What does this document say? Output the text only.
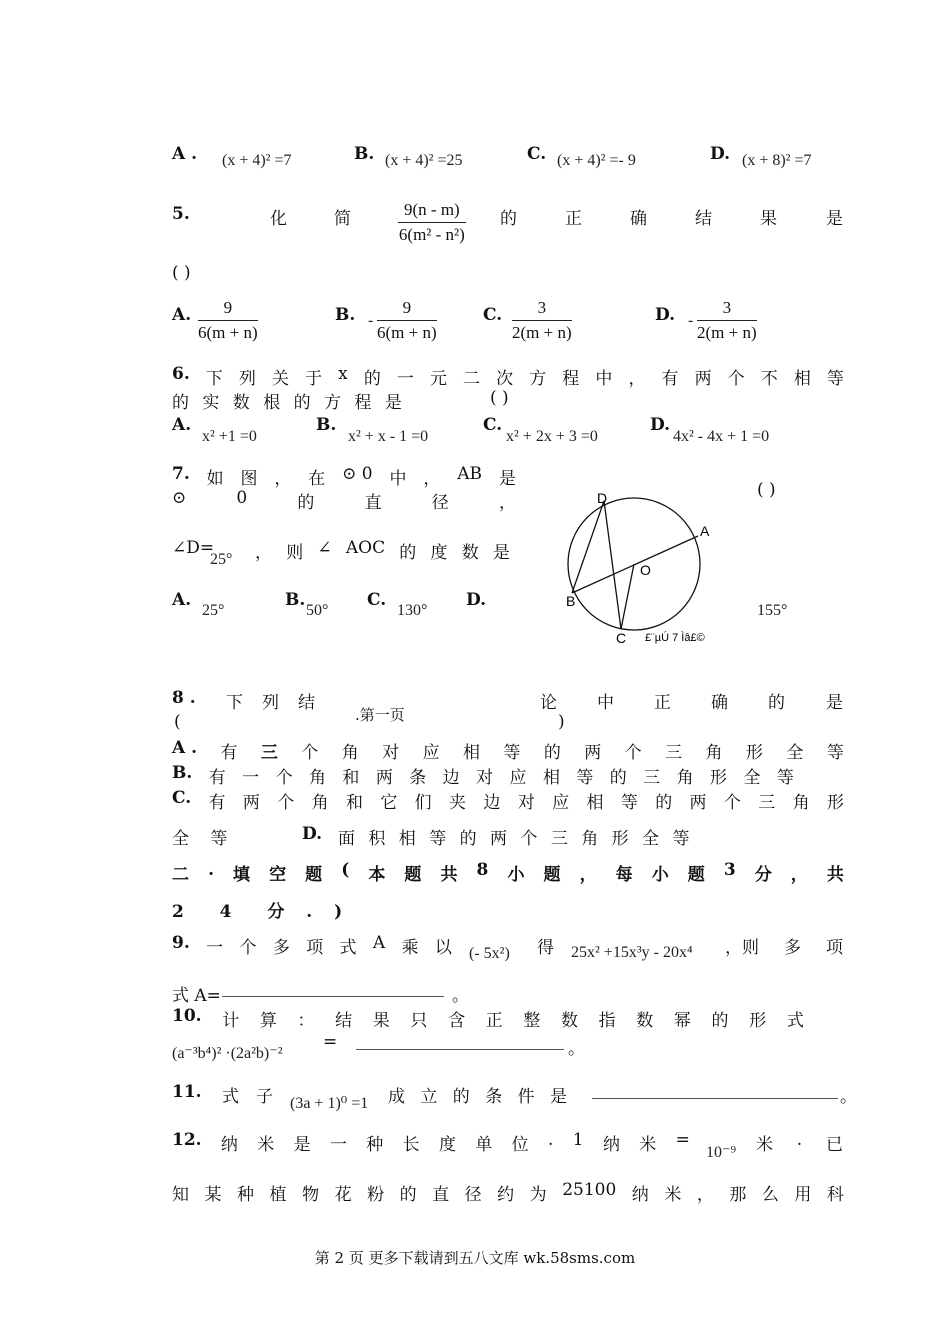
A . (x + 4)² =7	B. (x + 4)² =25	C. (x + 4)² =- 9	D. (x + 8)² =7
5.	化	简	$\frac{9(n - m)}{\text{6(m² - n²)}}$ 的	正	确	结	果	是
( )
A. $\frac{9}{6(m + n)}$	B. - $\frac{9}{6(m + n)}$	C. $\frac{3}{2(m + n)}$	D. - $\frac{3}{2(m + n)}$
6. 下 列 关 于 x 的 一 元 二 次 方 程 中 ， 有 两 个 不 相 等
的 实 数 根 的 方 程 是	( )
A.
x² +1 =0
B.
x² + x - 1 =0
C.
x² + 2x + 3 =0
D.
4x² - 4x + 1 =0
7. 如 图 ， 在 ⊙ 0 中 ， AB 是
⊙	0	的	直	径	，
( )
∠D=
25° ， 则 ∠ AOC 的 度 数 是
A.
25°
B.
50°
C.
130°
D.
155°
D
A
O
B
C £¨µÚ 7 Ìâ£©
8 . 下 列 结	论 中 正 确 的 是
.第一页
(	)
A . 有 三 个 角 对 应 相 等 的 两 个 三 角 形 全 等
B. 有 一 个 角 和 两 条 边 对 应 相 等 的 三 角 形 全 等
C. 有 两 个 角 和 它 们 夹 边 对 应 相 等 的 两 个 三 角 形
全 等	D. 面 积 相 等 的 两 个 三 角 形 全 等
二 . 填 空 题 ( 本 题 共 8 小 题 ， 每 小 题 3 分 ， 共
2  4  分 . )
9. 一 个 多 项 式 A 乘 以 (- 5x²) 得 25x² +15x³y - 20x⁴ ，则 多 项
式 A=	。
10. 计 算 ： 结 果 只 含 正 整 数 指 数 幂 的 形 式
(a⁻³b⁴)² ·(2a²b)⁻²
=	。
11. 式 子 (3a + 1)⁰ =1 成 立 的 条 件 是	。
12. 纳 米 是 一 种 长 度 单 位 . 1 纳 米 =
10⁻⁹ 米 . 已
知 某 种 植 物 花 粉 的 直 径 约 为 25100 纳 米 ， 那 么 用 科
第 2 页 更多下载请到五八文库 wk.58sms.com
